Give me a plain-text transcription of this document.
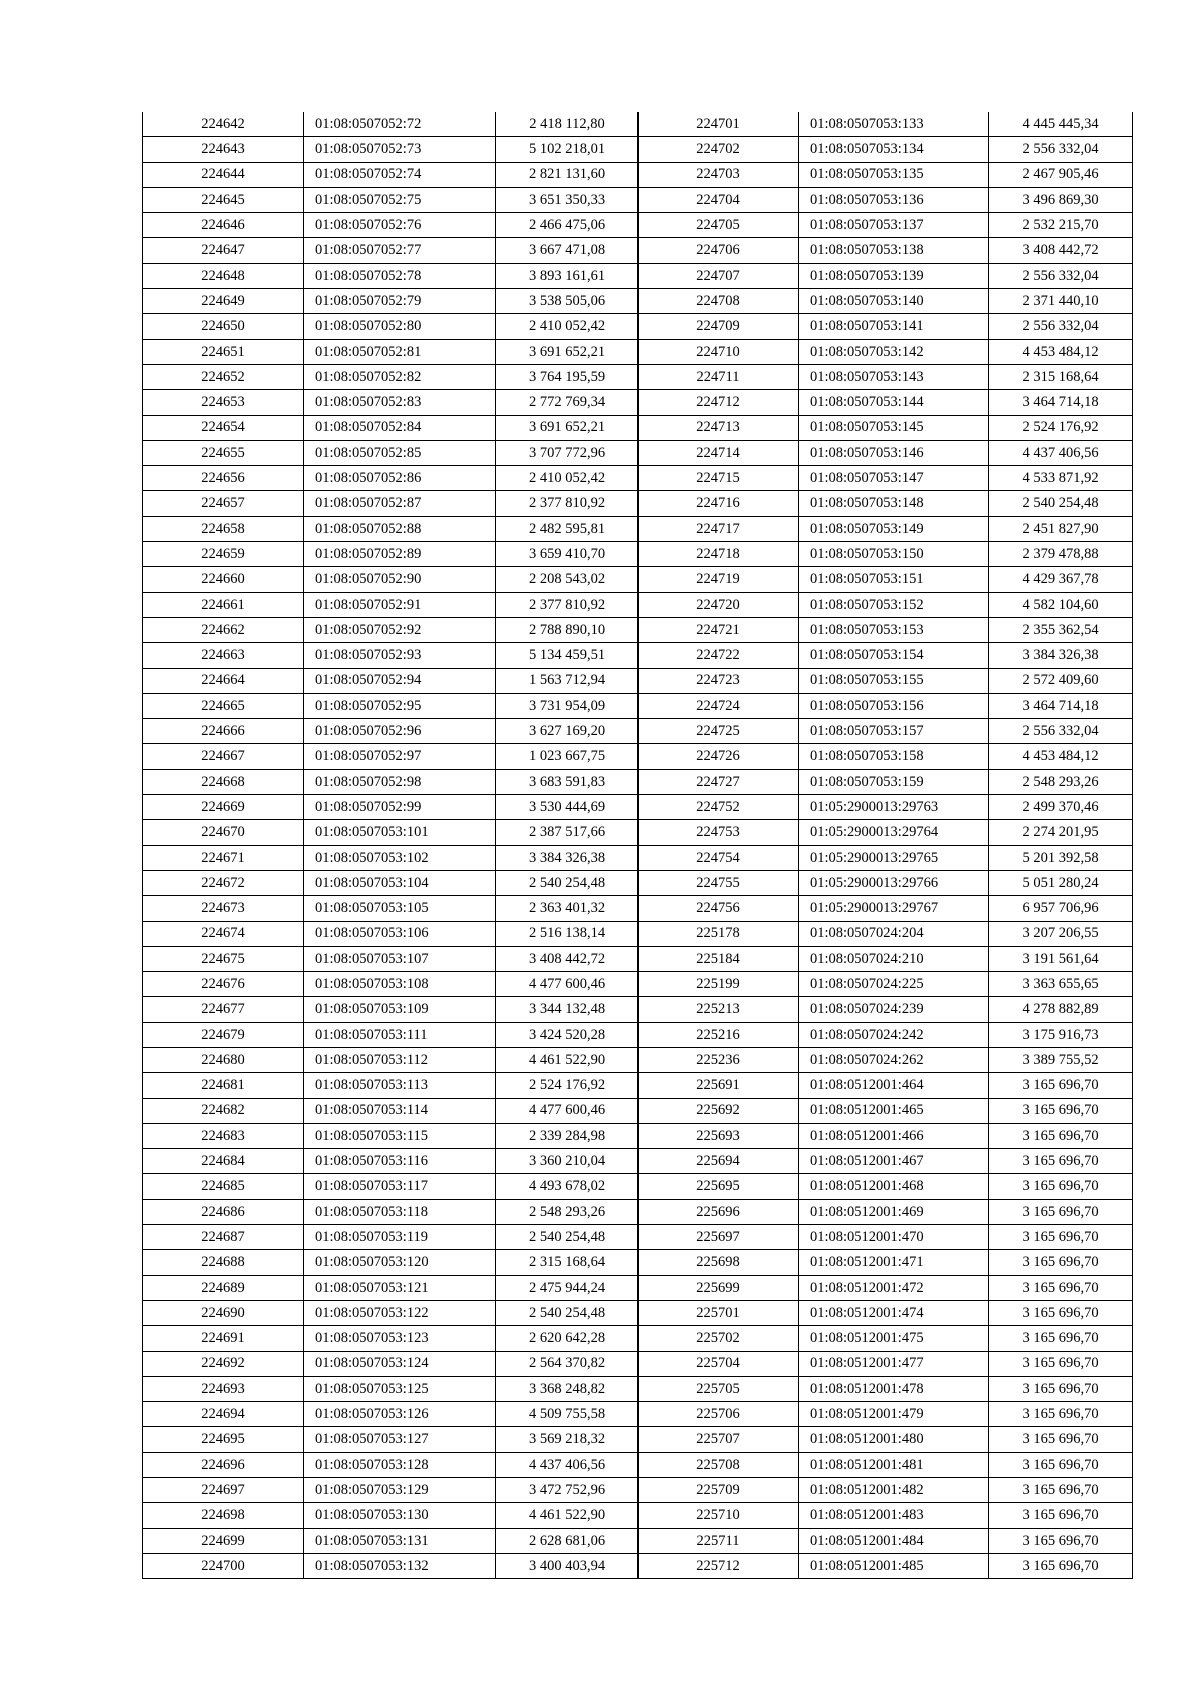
224642	01:08:0507052:72	2 418 112,80
224643	01:08:0507052:73	5 102 218,01
224644	01:08:0507052:74	2 821 131,60
224645	01:08:0507052:75	3 651 350,33
224646	01:08:0507052:76	2 466 475,06
224647	01:08:0507052:77	3 667 471,08
224648	01:08:0507052:78	3 893 161,61
224649	01:08:0507052:79	3 538 505,06
224650	01:08:0507052:80	2 410 052,42
224651	01:08:0507052:81	3 691 652,21
224652	01:08:0507052:82	3 764 195,59
224653	01:08:0507052:83	2 772 769,34
224654	01:08:0507052:84	3 691 652,21
224655	01:08:0507052:85	3 707 772,96
224656	01:08:0507052:86	2 410 052,42
224657	01:08:0507052:87	2 377 810,92
224658	01:08:0507052:88	2 482 595,81
224659	01:08:0507052:89	3 659 410,70
224660	01:08:0507052:90	2 208 543,02
224661	01:08:0507052:91	2 377 810,92
224662	01:08:0507052:92	2 788 890,10
224663	01:08:0507052:93	5 134 459,51
224664	01:08:0507052:94	1 563 712,94
224665	01:08:0507052:95	3 731 954,09
224666	01:08:0507052:96	3 627 169,20
224667	01:08:0507052:97	1 023 667,75
224668	01:08:0507052:98	3 683 591,83
224669	01:08:0507052:99	3 530 444,69
224670	01:08:0507053:101	2 387 517,66
224671	01:08:0507053:102	3 384 326,38
224672	01:08:0507053:104	2 540 254,48
224673	01:08:0507053:105	2 363 401,32
224674	01:08:0507053:106	2 516 138,14
224675	01:08:0507053:107	3 408 442,72
224676	01:08:0507053:108	4 477 600,46
224677	01:08:0507053:109	3 344 132,48
224679	01:08:0507053:111	3 424 520,28
224680	01:08:0507053:112	4 461 522,90
224681	01:08:0507053:113	2 524 176,92
224682	01:08:0507053:114	4 477 600,46
224683	01:08:0507053:115	2 339 284,98
224684	01:08:0507053:116	3 360 210,04
224685	01:08:0507053:117	4 493 678,02
224686	01:08:0507053:118	2 548 293,26
224687	01:08:0507053:119	2 540 254,48
224688	01:08:0507053:120	2 315 168,64
224689	01:08:0507053:121	2 475 944,24
224690	01:08:0507053:122	2 540 254,48
224691	01:08:0507053:123	2 620 642,28
224692	01:08:0507053:124	2 564 370,82
224693	01:08:0507053:125	3 368 248,82
224694	01:08:0507053:126	4 509 755,58
224695	01:08:0507053:127	3 569 218,32
224696	01:08:0507053:128	4 437 406,56
224697	01:08:0507053:129	3 472 752,96
224698	01:08:0507053:130	4 461 522,90
224699	01:08:0507053:131	2 628 681,06
224700	01:08:0507053:132	3 400 403,94
224701	01:08:0507053:133	4 445 445,34
224702	01:08:0507053:134	2 556 332,04
224703	01:08:0507053:135	2 467 905,46
224704	01:08:0507053:136	3 496 869,30
224705	01:08:0507053:137	2 532 215,70
224706	01:08:0507053:138	3 408 442,72
224707	01:08:0507053:139	2 556 332,04
224708	01:08:0507053:140	2 371 440,10
224709	01:08:0507053:141	2 556 332,04
224710	01:08:0507053:142	4 453 484,12
224711	01:08:0507053:143	2 315 168,64
224712	01:08:0507053:144	3 464 714,18
224713	01:08:0507053:145	2 524 176,92
224714	01:08:0507053:146	4 437 406,56
224715	01:08:0507053:147	4 533 871,92
224716	01:08:0507053:148	2 540 254,48
224717	01:08:0507053:149	2 451 827,90
224718	01:08:0507053:150	2 379 478,88
224719	01:08:0507053:151	4 429 367,78
224720	01:08:0507053:152	4 582 104,60
224721	01:08:0507053:153	2 355 362,54
224722	01:08:0507053:154	3 384 326,38
224723	01:08:0507053:155	2 572 409,60
224724	01:08:0507053:156	3 464 714,18
224725	01:08:0507053:157	2 556 332,04
224726	01:08:0507053:158	4 453 484,12
224727	01:08:0507053:159	2 548 293,26
224752	01:05:2900013:29763	2 499 370,46
224753	01:05:2900013:29764	2 274 201,95
224754	01:05:2900013:29765	5 201 392,58
224755	01:05:2900013:29766	5 051 280,24
224756	01:05:2900013:29767	6 957 706,96
225178	01:08:0507024:204	3 207 206,55
225184	01:08:0507024:210	3 191 561,64
225199	01:08:0507024:225	3 363 655,65
225213	01:08:0507024:239	4 278 882,89
225216	01:08:0507024:242	3 175 916,73
225236	01:08:0507024:262	3 389 755,52
225691	01:08:0512001:464	3 165 696,70
225692	01:08:0512001:465	3 165 696,70
225693	01:08:0512001:466	3 165 696,70
225694	01:08:0512001:467	3 165 696,70
225695	01:08:0512001:468	3 165 696,70
225696	01:08:0512001:469	3 165 696,70
225697	01:08:0512001:470	3 165 696,70
225698	01:08:0512001:471	3 165 696,70
225699	01:08:0512001:472	3 165 696,70
225701	01:08:0512001:474	3 165 696,70
225702	01:08:0512001:475	3 165 696,70
225704	01:08:0512001:477	3 165 696,70
225705	01:08:0512001:478	3 165 696,70
225706	01:08:0512001:479	3 165 696,70
225707	01:08:0512001:480	3 165 696,70
225708	01:08:0512001:481	3 165 696,70
225709	01:08:0512001:482	3 165 696,70
225710	01:08:0512001:483	3 165 696,70
225711	01:08:0512001:484	3 165 696,70
225712	01:08:0512001:485	3 165 696,70
